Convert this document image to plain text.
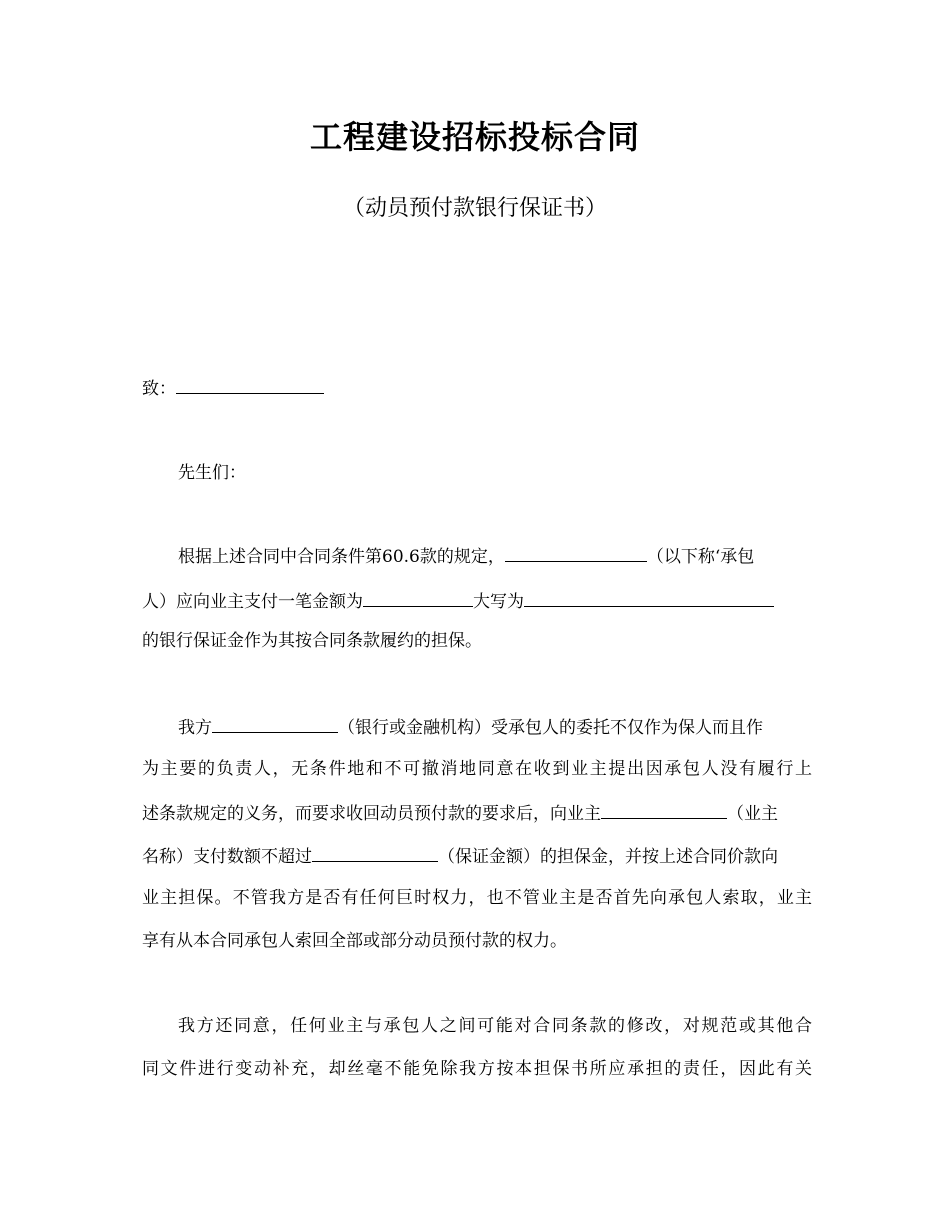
工程建设招标投标合同
（动员预付款银行保证书）
致：
先生们：
根据上述合同中合同条件第60.6款的规定，	（以下称‘承包
人）应向业主支付一笔金额为	大写为
的银行保证金作为其按合同条款履约的担保。
我方	（银行或金融机构）受承包人的委托不仅作为保人而且作
为主要的负责人，无条件地和不可撤消地同意在收到业主提出因承包人没有履行上
述条款规定的义务，而要求收回动员预付款的要求后，向业主	（业主
名称）支付数额不超过	（保证金额）的担保金，并按上述合同价款向
业主担保。不管我方是否有任何巨时权力，也不管业主是否首先向承包人索取，业主
享有从本合同承包人索回全部或部分动员预付款的权力。
我方还同意，任何业主与承包人之间可能对合同条款的修改，对规范或其他合
同文件进行变动补充，却丝毫不能免除我方按本担保书所应承担的责任，因此有关
